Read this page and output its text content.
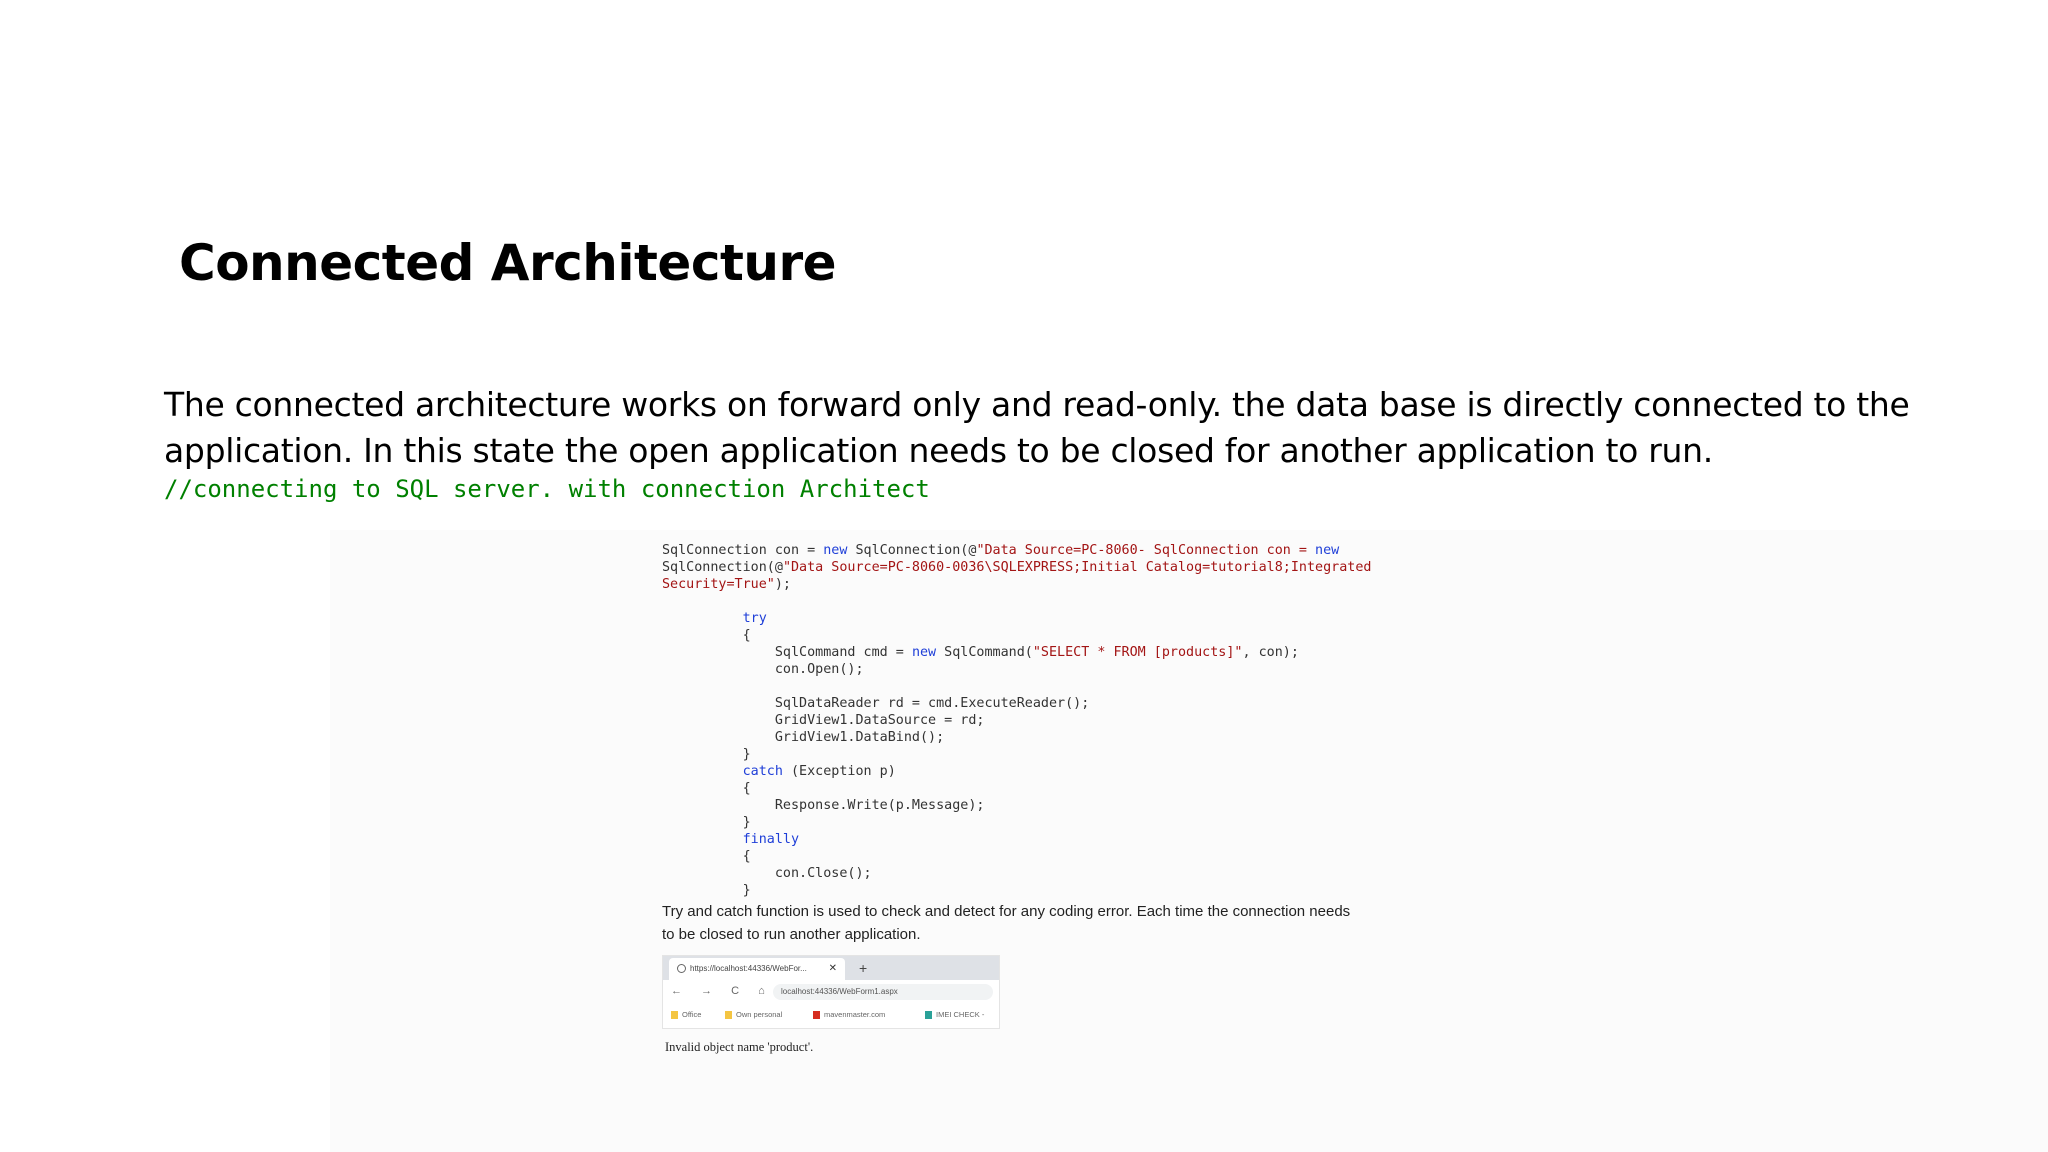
Connected Architecture
The connected architecture works on forward only and read-only. the data base is directly connected to the
application. In this state the open application needs to be closed for another application to run.
//connecting to SQL server. with connection Architect
SqlConnection con = new SqlConnection(@"Data Source=PC-8060- SqlConnection con = new
SqlConnection(@"Data Source=PC-8060-0036\SQLEXPRESS;Initial Catalog=tutorial8;Integrated
Security=True");
try
{
SqlCommand cmd = new SqlCommand("SELECT * FROM [products]", con);
con.Open();
SqlDataReader rd = cmd.ExecuteReader();
GridView1.DataSource = rd;
GridView1.DataBind();
}
catch (Exception p)
{
Response.Write(p.Message);
}
finally
{
con.Close();
}
Try and catch function is used to check and detect for any coding error. Each time the connection needs
to be closed to run another application.
https://localhost:44336/WebFor... ✕ +
← → C ⌂	localhost:44336/WebForm1.aspx
Office	Own personal	mavenmaster.com	IMEI CHECK -
Invalid object name 'product'.
